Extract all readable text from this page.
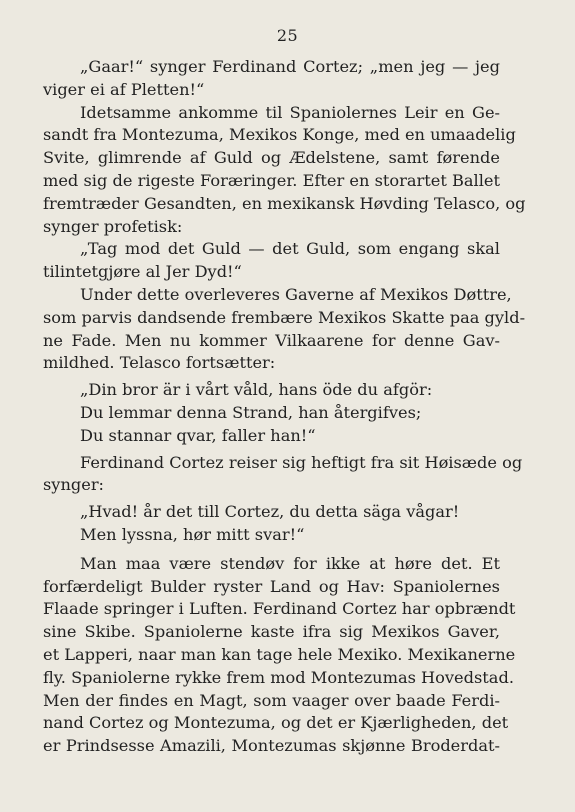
25
„Gaar!“ synger Ferdinand Cortez; „men jeg — jeg
viger ei af Pletten!“
Idetsamme ankomme til Spaniolernes Leir en Ge-
sandt fra Montezuma, Mexikos Konge, med en umaadelig
Svite, glimrende af Guld og Ædelstene, samt førende
med sig de rigeste Foræringer. Efter en storartet Ballet
fremtræder Gesandten, en mexikansk Høvding Telasco, og
synger profetisk:
„Tag mod det Guld — det Guld, som engang skal
tilintetgjøre al Jer Dyd!“
Under dette overleveres Gaverne af Mexikos Døttre,
som parvis dandsende frembære Mexikos Skatte paa gyld-
ne Fade. Men nu kommer Vilkaarene for denne Gav-
mildhed. Telasco fortsætter:
„Din bror är i vårt våld, hans öde du afgör:
Du lemmar denna Strand, han återgifves;
Du stannar qvar, faller han!“
Ferdinand Cortez reiser sig heftigt fra sit Høisæde og
synger:
„Hvad! år det till Cortez, du detta säga vågar!
Men lyssna, hør mitt svar!“
Man maa være stendøv for ikke at høre det. Et
forfærdeligt Bulder ryster Land og Hav: Spaniolernes
Flaade springer i Luften. Ferdinand Cortez har opbrændt
sine Skibe. Spaniolerne kaste ifra sig Mexikos Gaver,
et Lapperi, naar man kan tage hele Mexiko. Mexikanerne
fly. Spaniolerne rykke frem mod Montezumas Hovedstad.
Men der findes en Magt, som vaager over baade Ferdi-
nand Cortez og Montezuma, og det er Kjærligheden, det
er Prindsesse Amazili, Montezumas skjønne Broderdat-
